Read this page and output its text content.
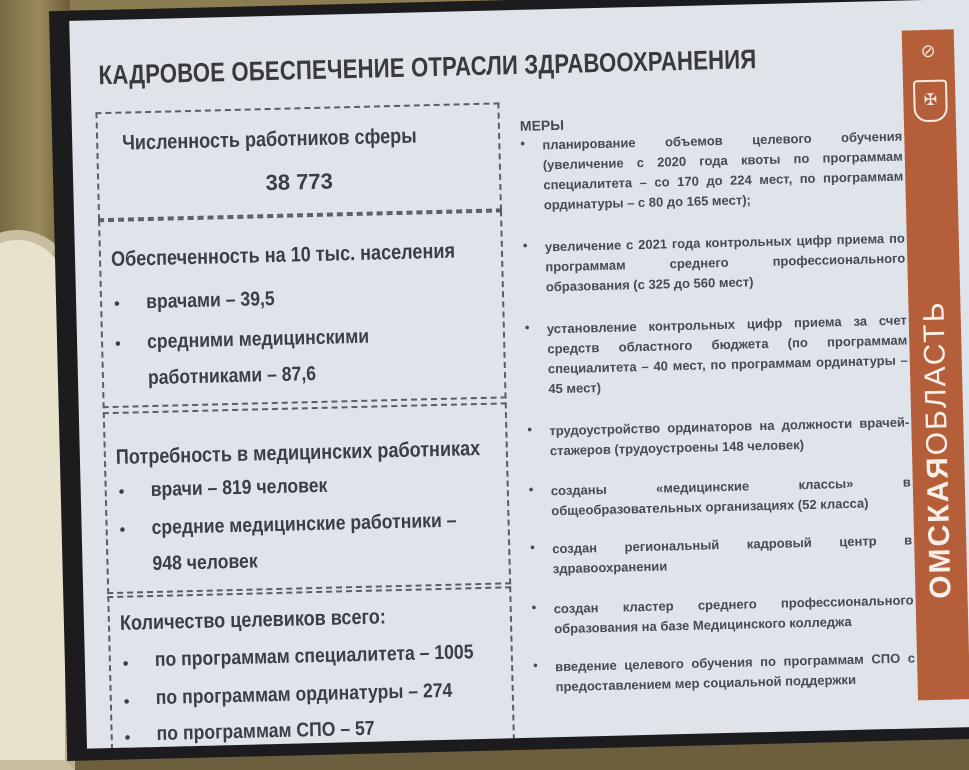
⊘
✠
ОМСКАЯОБЛАСТЬ
КАДРОВОЕ ОБЕСПЕЧЕНИЕ ОТРАСЛИ ЗДРАВООХРАНЕНИЯ
Численность работников сферы
38 773
Обеспеченность на 10 тыс. населения
• врачами – 39,5
• средними медицинскими
работниками – 87,6
Потребность в медицинских работниках
• врачи – 819 человек
• средние медицинские работники –
948 человек
Количество целевиков всего:
• по программам специалитета – 1005
• по программам ординатуры – 274
• по программам СПО – 57
МЕРЫ
• планирование объемов целевого обучения (увеличение с 2020 года квоты по программам специалитета – со 170 до 224 мест, по программам ординатуры – с 80 до 165 мест);
• увеличение с 2021 года контрольных цифр приема по программам среднего профессионального образования (с 325 до 560 мест)
• установление контрольных цифр приема за счет средств областного бюджета (по программам специалитета – 40 мест, по программам ординатуры – 45 мест)
• трудоустройство ординаторов на должности врачей-стажеров (трудоустроены 148 человек)
• созданы «медицинские классы» в общеобразовательных организациях (52 класса)
• создан региональный кадровый центр в здравоохранении
• создан кластер среднего профессионального образования на базе Медицинского колледжа
• введение целевого обучения по программам СПО с предоставлением мер социальной поддержки
